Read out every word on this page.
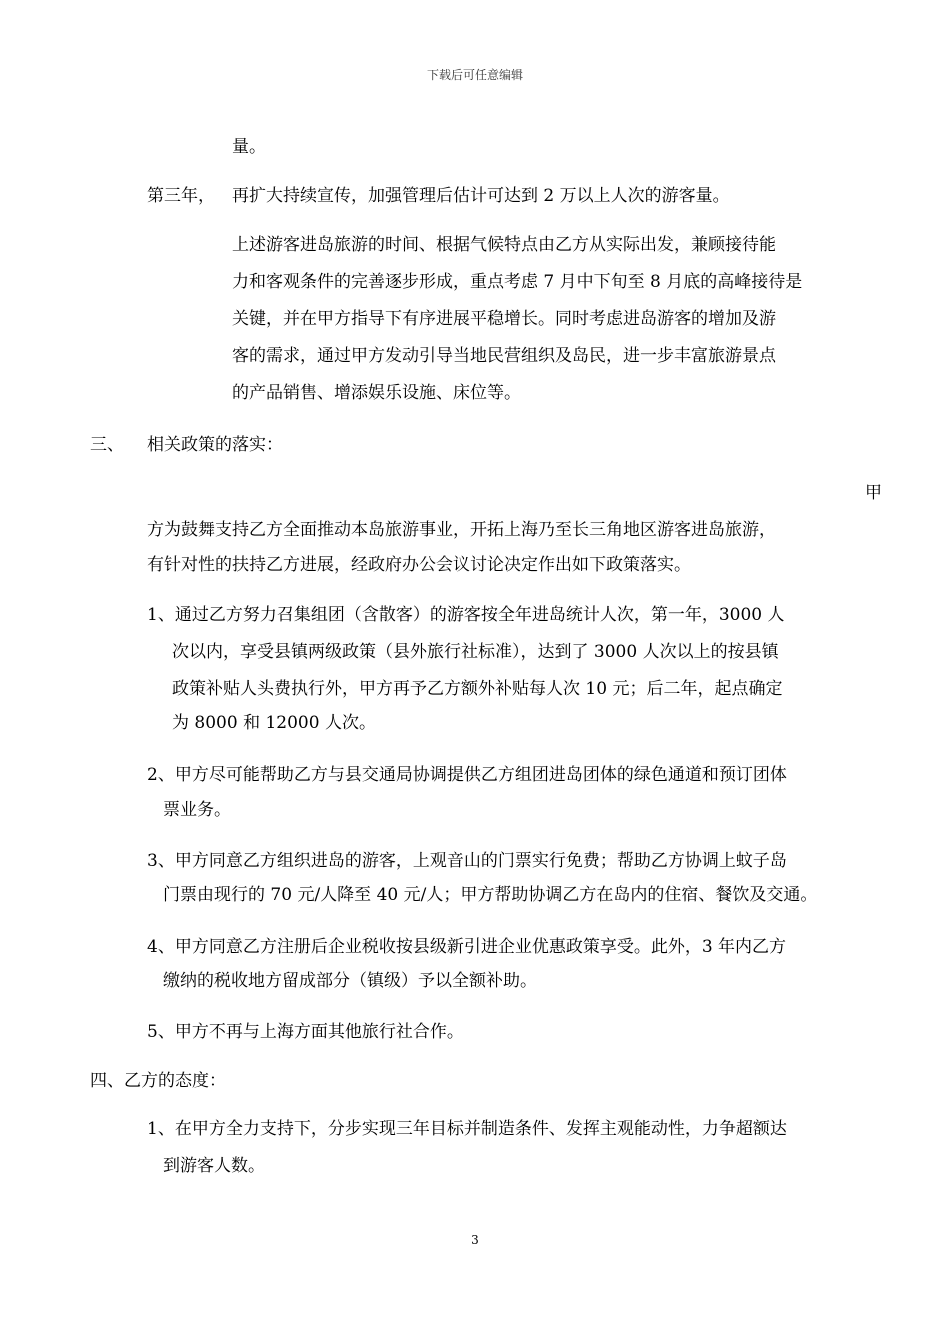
下载后可任意编辑
量。
第三年， 再扩大持续宣传，加强管理后估计可达到 2 万以上人次的游客量。
上述游客进岛旅游的时间、根据气候特点由乙方从实际出发，兼顾接待能
力和客观条件的完善逐步形成，重点考虑 7 月中下旬至 8 月底的高峰接待是
关键，并在甲方指导下有序进展平稳增长。同时考虑进岛游客的增加及游
客的需求，通过甲方发动引导当地民营组织及岛民，进一步丰富旅游景点
的产品销售、增添娱乐设施、床位等。
三、 相关政策的落实：
甲
方为鼓舞支持乙方全面推动本岛旅游事业，开拓上海乃至长三角地区游客进岛旅游，
有针对性的扶持乙方进展，经政府办公会议讨论决定作出如下政策落实。
1、通过乙方努力召集组团（含散客）的游客按全年进岛统计人次，第一年，3000 人
次以内，享受县镇两级政策（县外旅行社标准），达到了 3000 人次以上的按县镇
政策补贴人头费执行外，甲方再予乙方额外补贴每人次 10 元；后二年，起点确定
为 8000 和 12000 人次。
2、甲方尽可能帮助乙方与县交通局协调提供乙方组团进岛团体的绿色通道和预订团体
票业务。
3、甲方同意乙方组织进岛的游客，上观音山的门票实行免费；帮助乙方协调上蚊子岛
门票由现行的 70 元/人降至 40 元/人；甲方帮助协调乙方在岛内的住宿、餐饮及交通。
4、甲方同意乙方注册后企业税收按县级新引进企业优惠政策享受。此外，3 年内乙方
缴纳的税收地方留成部分（镇级）予以全额补助。
5、甲方不再与上海方面其他旅行社合作。
四、乙方的态度：
1、在甲方全力支持下，分步实现三年目标并制造条件、发挥主观能动性，力争超额达
到游客人数。
3
